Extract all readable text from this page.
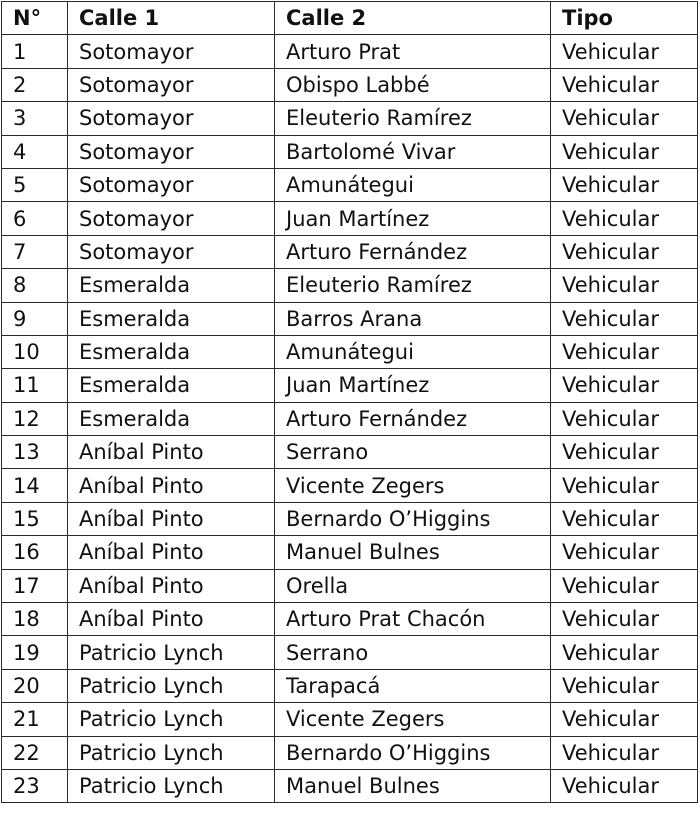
N°	Calle 1	Calle 2	Tipo
1	Sotomayor	Arturo Prat	Vehicular
2	Sotomayor	Obispo Labbé	Vehicular
3	Sotomayor	Eleuterio Ramírez	Vehicular
4	Sotomayor	Bartolomé Vivar	Vehicular
5	Sotomayor	Amunátegui	Vehicular
6	Sotomayor	Juan Martínez	Vehicular
7	Sotomayor	Arturo Fernández	Vehicular
8	Esmeralda	Eleuterio Ramírez	Vehicular
9	Esmeralda	Barros Arana	Vehicular
10	Esmeralda	Amunátegui	Vehicular
11	Esmeralda	Juan Martínez	Vehicular
12	Esmeralda	Arturo Fernández	Vehicular
13	Aníbal Pinto	Serrano	Vehicular
14	Aníbal Pinto	Vicente Zegers	Vehicular
15	Aníbal Pinto	Bernardo O’Higgins	Vehicular
16	Aníbal Pinto	Manuel Bulnes	Vehicular
17	Aníbal Pinto	Orella	Vehicular
18	Aníbal Pinto	Arturo Prat Chacón	Vehicular
19	Patricio Lynch	Serrano	Vehicular
20	Patricio Lynch	Tarapacá	Vehicular
21	Patricio Lynch	Vicente Zegers	Vehicular
22	Patricio Lynch	Bernardo O’Higgins	Vehicular
23	Patricio Lynch	Manuel Bulnes	Vehicular
